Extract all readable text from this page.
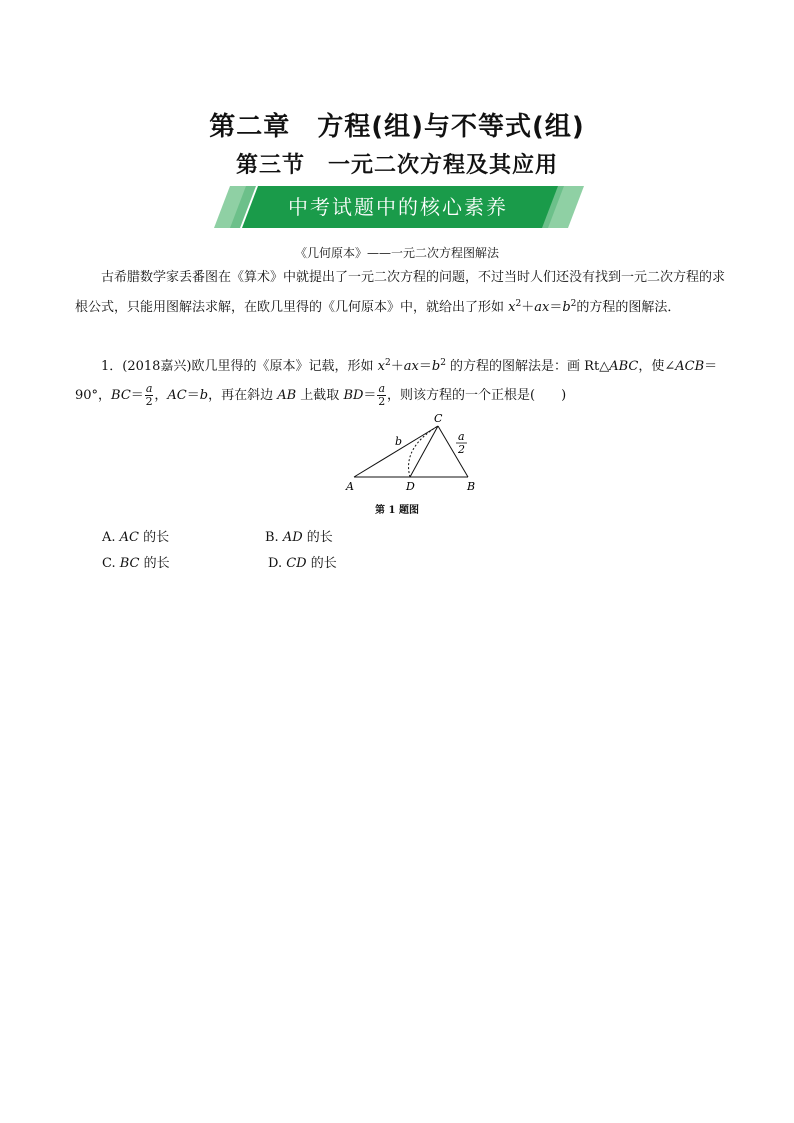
第二章　方程(组)与不等式(组)
第三节　一元二次方程及其应用
中考试题中的核心素养
《几何原本》——一元二次方程图解法
古希腊数学家丢番图在《算术》中就提出了一元二次方程的问题，不过当时人们还没有找到一元二次方程的求根公式，只能用图解法求解，在欧几里得的《几何原本》中，就给出了形如 $x^2+ax=b^2$的方程的图解法．
1．(2018嘉兴)欧几里得的《原本》记载，形如 $x^2+ax=b^2$ 的方程的图解法是：画 Rt△ABC，使∠ACB＝
90°，$BC= \frac{a}{2}$ ，AC＝b，再在斜边 AB 上截取 $BD= \frac{a}{2}$ ，则该方程的一个正根是(　　)
A	D	B
C
b	a
2
第 1 题图
A. AC 的长	B. AD 的长
C. BC 的长	D. CD 的长
